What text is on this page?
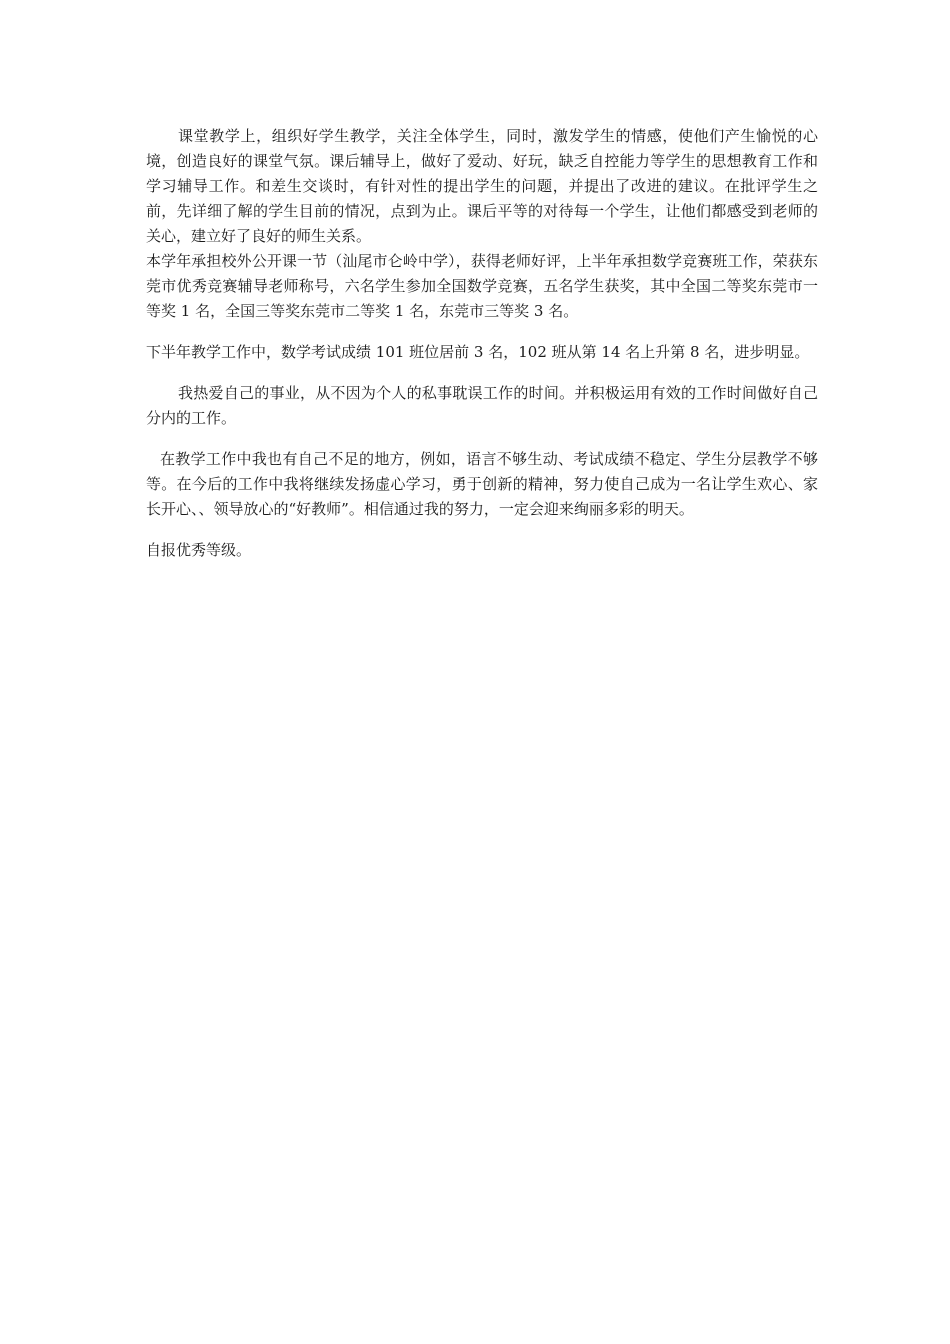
课堂教学上，组织好学生教学，关注全体学生，同时，激发学生的情感，使他们产生愉悦的心境，创造良好的课堂气氛。课后辅导上，做好了爱动、好玩，缺乏自控能力等学生的思想教育工作和学习辅导工作。和差生交谈时，有针对性的提出学生的问题，并提出了改进的建议。在批评学生之前，先详细了解的学生目前的情况，点到为止。课后平等的对待每一个学生，让他们都感受到老师的关心，建立好了良好的师生关系。

本学年承担校外公开课一节（汕尾市仑岭中学），获得老师好评，上半年承担数学竞赛班工作，荣获东莞市优秀竞赛辅导老师称号，六名学生参加全国数学竞赛，五名学生获奖，其中全国二等奖东莞市一等奖 1 名，全国三等奖东莞市二等奖 1 名，东莞市三等奖 3 名。

下半年教学工作中，数学考试成绩 101 班位居前 3 名，102 班从第 14 名上升第 8 名，进步明显。

我热爱自己的事业，从不因为个人的私事耽误工作的时间。并积极运用有效的工作时间做好自己分内的工作。

在教学工作中我也有自己不足的地方，例如，语言不够生动、考试成绩不稳定、学生分层教学不够等。在今后的工作中我将继续发扬虚心学习，勇于创新的精神，努力使自己成为一名让学生欢心、家长开心、、领导放心的“好教师”。相信通过我的努力，一定会迎来绚丽多彩的明天。

自报优秀等级。
